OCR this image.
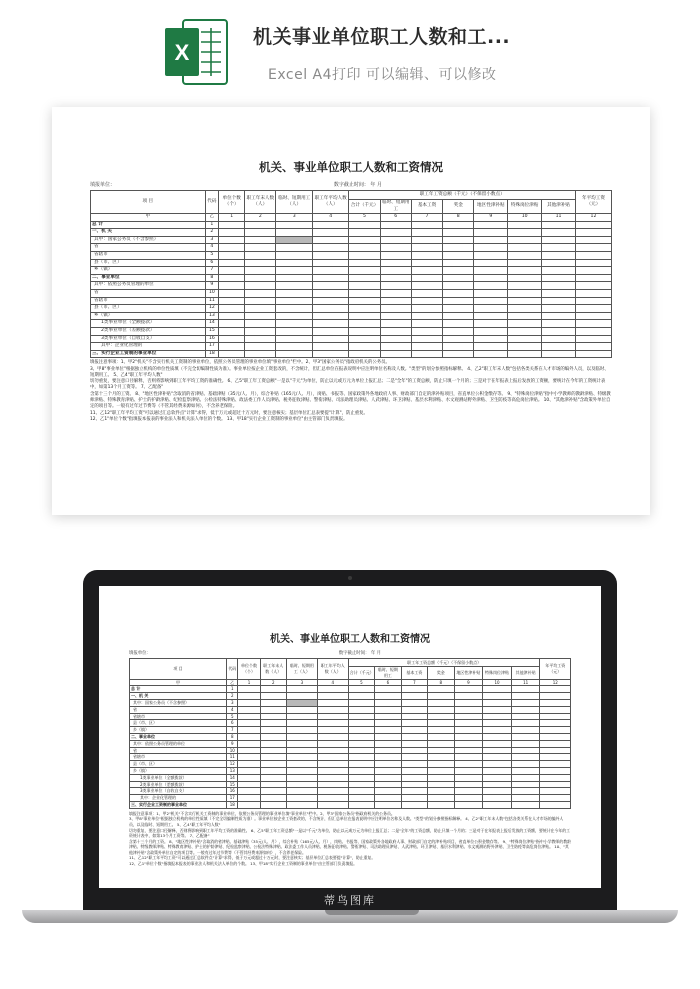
X
机关事业单位职工人数和工...
Excel A4打印 可以编辑、可以修改
机关、事业单位职工人数和工资情况
填报单位：	数字截止时间： 年 月
项 目	代码	单位个数（个）	职工年末人数（人）	临时、短期用工（人）	职工年平均人数（人）	职工年工资总额（千元）（不保留小数点）							年平均工资（元）
						合计（千元）	临时、短期用工	基本工资	奖金	地区性津补贴	特殊岗位津贴	其他津补贴	
甲	乙	1	2	3	4	5	6	7	8	9	10	11	12
总 计	1												
一、机 关	2												
其中：国家公务员（不含参照）	3												
省	4												
省辖市	5												
县（市、区）	6												
乡（镇）	7												
二、事业单位	8												
其中：依照公务员管理的单位	9												
省	10												
省辖市	11												
县（市、区）	12												
乡（镇）	13												
1类事业单位（全额拨款）	14												
2类事业单位（差额拨款）	15												
3类事业单位（自收自支）	16												
其中：企业化管理的	17												
三、实行企业工资制的事业单位	18												

填报注意事项：1、甲2"机关"不含实行机关工资制的事业单位，依照公务员管理的事业单位填"事业单位"栏中。2、甲3"国家公务员"指政府机关的公务员。

3、甲8"事业单位"根据独立机构的单位性质填（不完全切编制性质为准）。事业单位按企业工资套改的，不含统计，但汇总单位在报表说明中应注明单位名称及人数。"类型"的划分参照指标解释。 4、乙2"职工年末人数"包括各类关系在人才市场的编外人员，以及临时、短期用工。 5、乙4"职工年平均人数"

切勿重复，要注意口径解释，否则将影响到职工年平均工资的准确性。 6、乙5"职工年工资总额"一是以"千元"为单位，防止以元或万元为单位上报汇总；二是"全年"的工资总额，防止只填一个月的；三是对于在年报表上报后发放的工资额，要统计在今年的工资统计表中，如第13个月工资等。 7、乙配备"

含第十三个月的工资。 8、"地区性津补贴"含取消的省津贴、基础津贴（35元/人、月），综合补贴（165元/人、月），岗贴、书报等、国家政策外各地政府人事、财政部门自定的津补贴项目，省直单位公积金缴存等。 9、"特殊岗位津贴"指中小学教师的教龄津贴、特级教师津贴、特殊教育津贴、护士的护龄津贴、纪检监察津贴、公检法特殊津贴、政法委工作人员津贴、税务征收津贴、警衔津贴、司法助理员津贴、人武津贴、环卫津贴、基层水利津贴、水文观测站野外津贴、卫生防疫等高危岗位津贴。 10、"其他津补贴"含政策外单位自定的项目等。一般有过年过节费等（不管其经费来源如何），不含养老保险。

11、乙12"职工年平均工资"可以通过汇总软件点"计算"求得，低于万元或超过十万元时，要注意核实；基层单位汇总表要提"计算"，防止重复。

12、乙1"单位个数"指填报本报表的事业法人和机关法人单位的个数。 13、甲18"实行企业工资制的事业单位"由主管部门负责填报。

机关、事业单位职工人数和工资情况
填报单位：	数字截止时间： 年 月
项 目	代码	单位个数（个）	职工年末人数（人）	临时、短期用工（人）	职工年平均人数（人）	职工年工资总额（千元）（不保留小数点）							年平均工资（元）
						合计（千元）	临时、短期用工	基本工资	奖金	地区性津补贴	特殊岗位津贴	其他津补贴	
甲	乙	1	2	3	4	5	6	7	8	9	10	11	12
总 计	1												
一、机 关	2												
其中：国家公务员（不含参照）	3												
省	4												
省辖市	5												
县（市、区）	6												
乡（镇）	7												
二、事业单位	8												
其中：依照公务员管理的单位	9												
省	10												
省辖市	11												
县（市、区）	12												
乡（镇）	13												
1类事业单位（全额拨款）	14												
2类事业单位（差额拨款）	15												
3类事业单位（自收自支）	16												
其中：企业化管理的	17												
三、实行企业工资制的事业单位	18												

填报注意事项：1、甲2"机关"不含实行机关工资制的事业单位，依照公务员管理的事业单位填"事业单位"栏中。2、甲3"国家公务员"指政府机关的公务员。

3、甲8"事业单位"根据独立机构的单位性质填（不完全切编制性质为准）。事业单位按企业工资套改的，不含统计，但汇总单位在报表说明中应注明单位名称及人数。"类型"的划分参照指标解释。 4、乙2"职工年末人数"包括各类关系在人才市场的编外人员，以及临时、短期用工。 5、乙4"职工年平均人数"

切勿重复，要注意口径解释，否则将影响到职工年平均工资的准确性。 6、乙5"职工年工资总额"一是以"千元"为单位，防止以元或万元为单位上报汇总；二是"全年"的工资总额，防止只填一个月的；三是对于在年报表上报后发放的工资额，要统计在今年的工资统计表中，如第13个月工资等。 7、乙配备"

含第十三个月的工资。 8、"地区性津补贴"含取消的省津贴、基础津贴（35元/人、月），综合补贴（165元/人、月），岗贴、书报等、国家政策外各地政府人事、财政部门自定的津补贴项目，省直单位公积金缴存等。 9、"特殊岗位津贴"指中小学教师的教龄津贴、特级教师津贴、特殊教育津贴、护士的护龄津贴、纪检监察津贴、公检法特殊津贴、政法委工作人员津贴、税务征收津贴、警衔津贴、司法助理员津贴、人武津贴、环卫津贴、基层水利津贴、水文观测站野外津贴、卫生防疫等高危岗位津贴。 10、"其他津补贴"含政策外单位自定的项目等。一般有过年过节费等（不管其经费来源如何），不含养老保险。

11、乙12"职工年平均工资"可以通过汇总软件点"计算"求得，低于万元或超过十万元时，要注意核实；基层单位汇总表要提"计算"，防止重复。

12、乙1"单位个数"指填报本报表的事业法人和机关法人单位的个数。 13、甲18"实行企业工资制的事业单位"由主管部门负责填报。

蒂鸟图库
